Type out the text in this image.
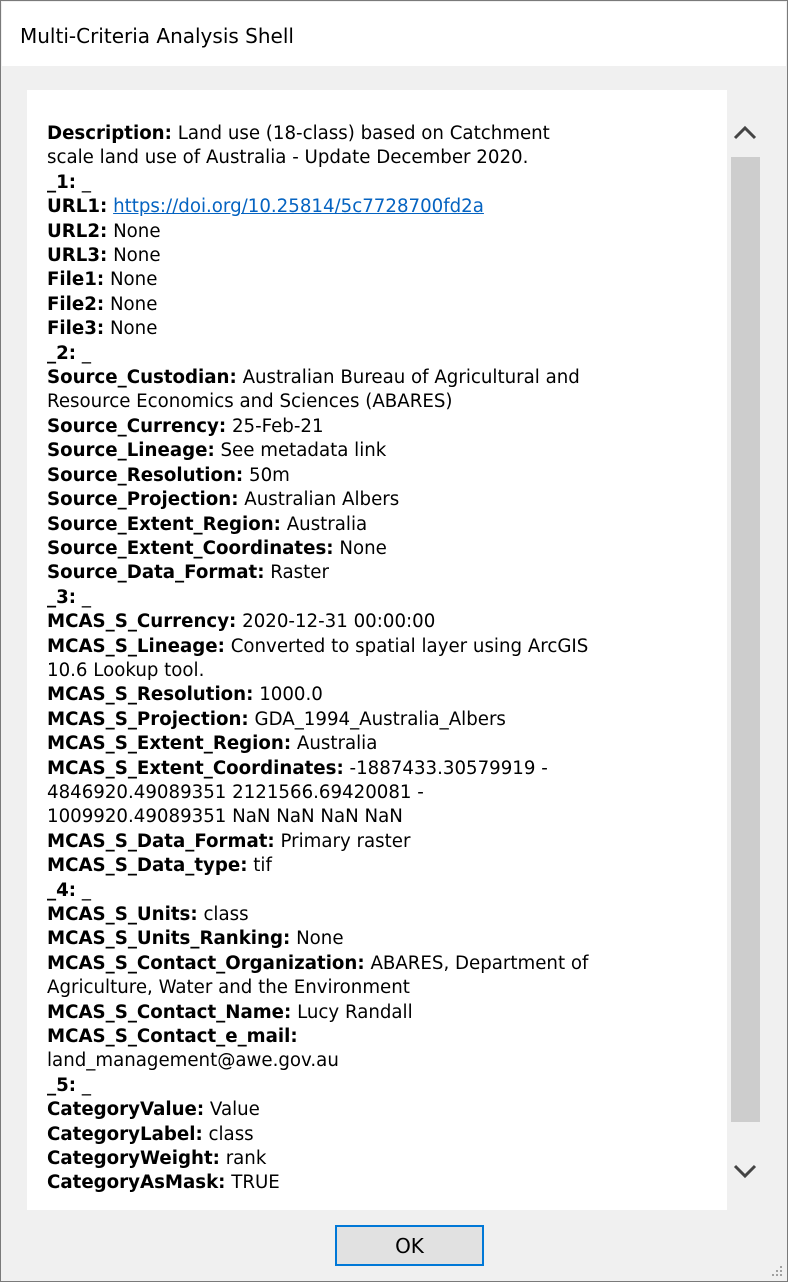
Multi-Criteria Analysis Shell
Description: Land use (18-class) based on Catchment
scale land use of Australia - Update December 2020.
_1: _
URL1: https://doi.org/10.25814/5c7728700fd2a
URL2: None
URL3: None
File1: None
File2: None
File3: None
_2: _
Source_Custodian: Australian Bureau of Agricultural and
Resource Economics and Sciences (ABARES)
Source_Currency: 25-Feb-21
Source_Lineage: See metadata link
Source_Resolution: 50m
Source_Projection: Australian Albers
Source_Extent_Region: Australia
Source_Extent_Coordinates: None
Source_Data_Format: Raster
_3: _
MCAS_S_Currency: 2020-12-31 00:00:00
MCAS_S_Lineage: Converted to spatial layer using ArcGIS
10.6 Lookup tool.
MCAS_S_Resolution: 1000.0
MCAS_S_Projection: GDA_1994_Australia_Albers
MCAS_S_Extent_Region: Australia
MCAS_S_Extent_Coordinates: -1887433.30579919 -
4846920.49089351 2121566.69420081 -
1009920.49089351 NaN NaN NaN NaN
MCAS_S_Data_Format: Primary raster
MCAS_S_Data_type: tif
_4: _
MCAS_S_Units: class
MCAS_S_Units_Ranking: None
MCAS_S_Contact_Organization: ABARES, Department of
Agriculture, Water and the Environment
MCAS_S_Contact_Name: Lucy Randall
MCAS_S_Contact_e_mail:
land_management@awe.gov.au
_5: _
CategoryValue: Value
CategoryLabel: class
CategoryWeight: rank
CategoryAsMask: TRUE
OK
